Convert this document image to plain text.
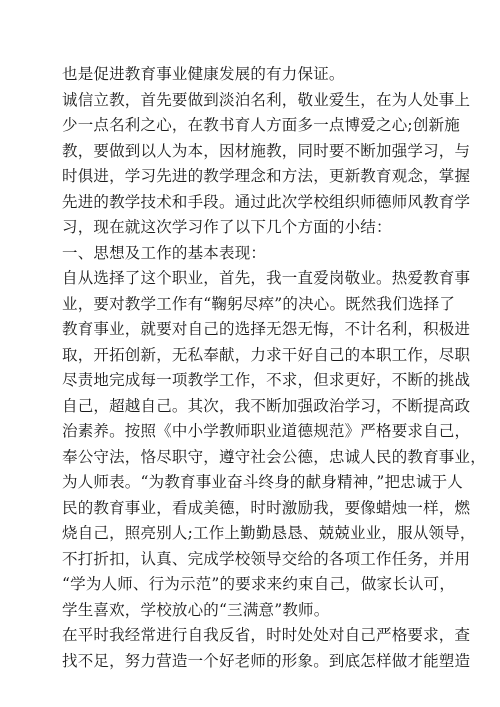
也是促进教育事业健康发展的有力保证。
诚信立教，首先要做到淡泊名利，敬业爱生，在为人处事上
少一点名利之心，在教书育人方面多一点博爱之心;创新施
教，要做到以人为本，因材施教，同时要不断加强学习，与
时俱进，学习先进的教学理念和方法，更新教育观念，掌握
先进的教学技术和手段。通过此次学校组织师德师风教育学
习，现在就这次学习作了以下几个方面的小结：
一、思想及工作的基本表现：
自从选择了这个职业，首先，我一直爱岗敬业。热爱教育事
业，要对教学工作有“鞠躬尽瘁”的决心。既然我们选择了
教育事业，就要对自己的选择无怨无悔，不计名利，积极进
取，开拓创新，无私奉献，力求干好自己的本职工作，尽职
尽责地完成每一项教学工作，不求，但求更好，不断的挑战
自己，超越自己。其次，我不断加强政治学习，不断提高政
治素养。按照《中小学教师职业道德规范》严格要求自己，
奉公守法，恪尽职守，遵守社会公德，忠诚人民的教育事业，
为人师表。“为教育事业奋斗终身的献身精神，”把忠诚于人
民的教育事业，看成美德，时时激励我，要像蜡烛一样，燃
烧自己，照亮别人;工作上勤勤恳恳、兢兢业业，服从领导，
不打折扣，认真、完成学校领导交给的各项工作任务，并用
“学为人师、行为示范”的要求来约束自己，做家长认可，
学生喜欢，学校放心的“三满意”教师。
在平时我经常进行自我反省，时时处处对自己严格要求，查
找不足，努力营造一个好老师的形象。到底怎样做才能塑造
